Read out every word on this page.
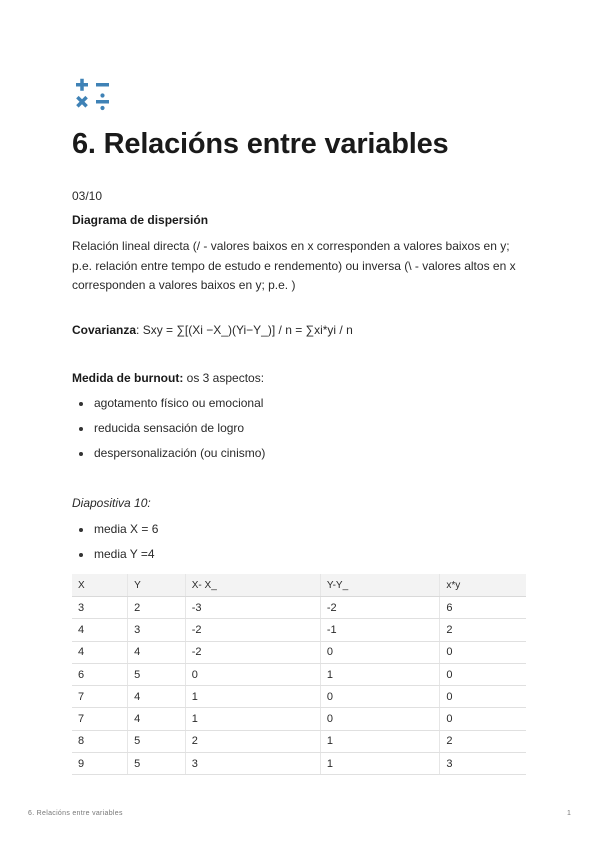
6. Relacións entre variables
03/10
Diagrama de dispersión
Relación lineal directa (/ - valores baixos en x corresponden a valores baixos en y; p.e. relación entre tempo de estudo e rendemento) ou inversa (\ - valores altos en x corresponden a valores baixos en y; p.e. )
Covarianza: Sxy = ∑[(Xi −X_)(Yi−Y_)] / n = ∑xi*yi / n
Medida de burnout: os 3 aspectos:
agotamento físico ou emocional
reducida sensación de logro
despersonalización (ou cinismo)
Diapositiva 10:
media X = 6
media Y =4
X	Y	X- X_	Y-Y_	x*y
3	2	-3	-2	6
4	3	-2	-1	2
4	4	-2	0	0
6	5	0	1	0
7	4	1	0	0
7	4	1	0	0
8	5	2	1	2
9	5	3	1	3
6. Relacións entre variables	1
